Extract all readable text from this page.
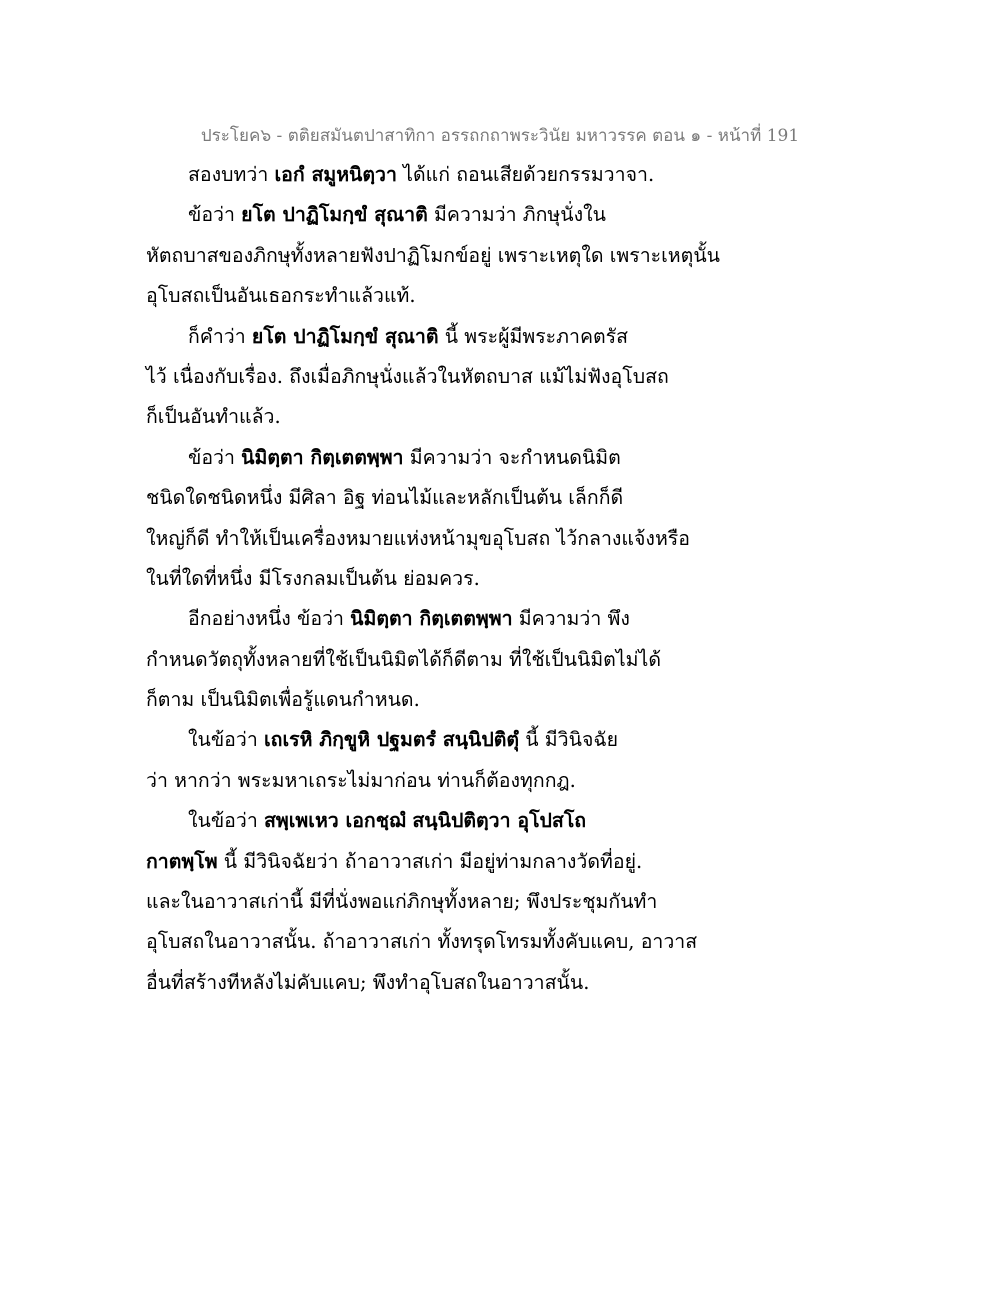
ประโยค๖ - ตติยสมันตปาสาทิกา อรรถกถาพระวินัย มหาวรรค ตอน ๑ - หน้าที่ 191
สองบทว่า เอกํ สมูหนิตฺวา ได้แก่ ถอนเสียด้วยกรรมวาจา.
ข้อว่า ยโต ปาฏิโมกฺขํ สุณาติ มีความว่า ภิกษุนั่งใน
หัตถบาสของภิกษุทั้งหลายฟังปาฏิโมกข์อยู่ เพราะเหตุใด เพราะเหตุนั้น
อุโบสถเป็นอันเธอกระทำแล้วแท้.
ก็คำว่า ยโต ปาฏิโมกฺขํ สุณาติ นี้ พระผู้มีพระภาคตรัส
ไว้ เนื่องกับเรื่อง. ถึงเมื่อภิกษุนั่งแล้วในหัตถบาส แม้ไม่ฟังอุโบสถ
ก็เป็นอันทำแล้ว.
ข้อว่า นิมิตฺตา กิตฺเตตพฺพา มีความว่า จะกำหนดนิมิต
ชนิดใดชนิดหนึ่ง มีศิลา อิฐ ท่อนไม้และหลักเป็นต้น เล็กก็ดี
ใหญ่ก็ดี ทำให้เป็นเครื่องหมายแห่งหน้ามุขอุโบสถ ไว้กลางแจ้งหรือ
ในที่ใดที่หนึ่ง มีโรงกลมเป็นต้น ย่อมควร.
อีกอย่างหนึ่ง ข้อว่า นิมิตฺตา กิตฺเตตพฺพา มีความว่า พึง
กำหนดวัตถุทั้งหลายที่ใช้เป็นนิมิตได้ก็ดีตาม ที่ใช้เป็นนิมิตไม่ได้
ก็ตาม เป็นนิมิตเพื่อรู้แดนกำหนด.
ในข้อว่า เถเรหิ ภิกฺขูหิ ปฐมตรํ สนฺนิปติตุํ นี้ มีวินิจฉัย
ว่า หากว่า พระมหาเถระไม่มาก่อน ท่านก็ต้องทุกกฎ.
ในข้อว่า สพฺเพเหว เอกชฺฌํ สนฺนิปติตฺวา อุโปสโถ
กาตพฺโพ นี้ มีวินิจฉัยว่า ถ้าอาวาสเก่า มีอยู่ท่ามกลางวัดที่อยู่.
และในอาวาสเก่านี้ มีที่นั่งพอแก่ภิกษุทั้งหลาย; พึงประชุมกันทำ
อุโบสถในอาวาสนั้น. ถ้าอาวาสเก่า ทั้งทรุดโทรมทั้งคับแคบ, อาวาส
อื่นที่สร้างทีหลังไม่คับแคบ; พึงทำอุโบสถในอาวาสนั้น.
